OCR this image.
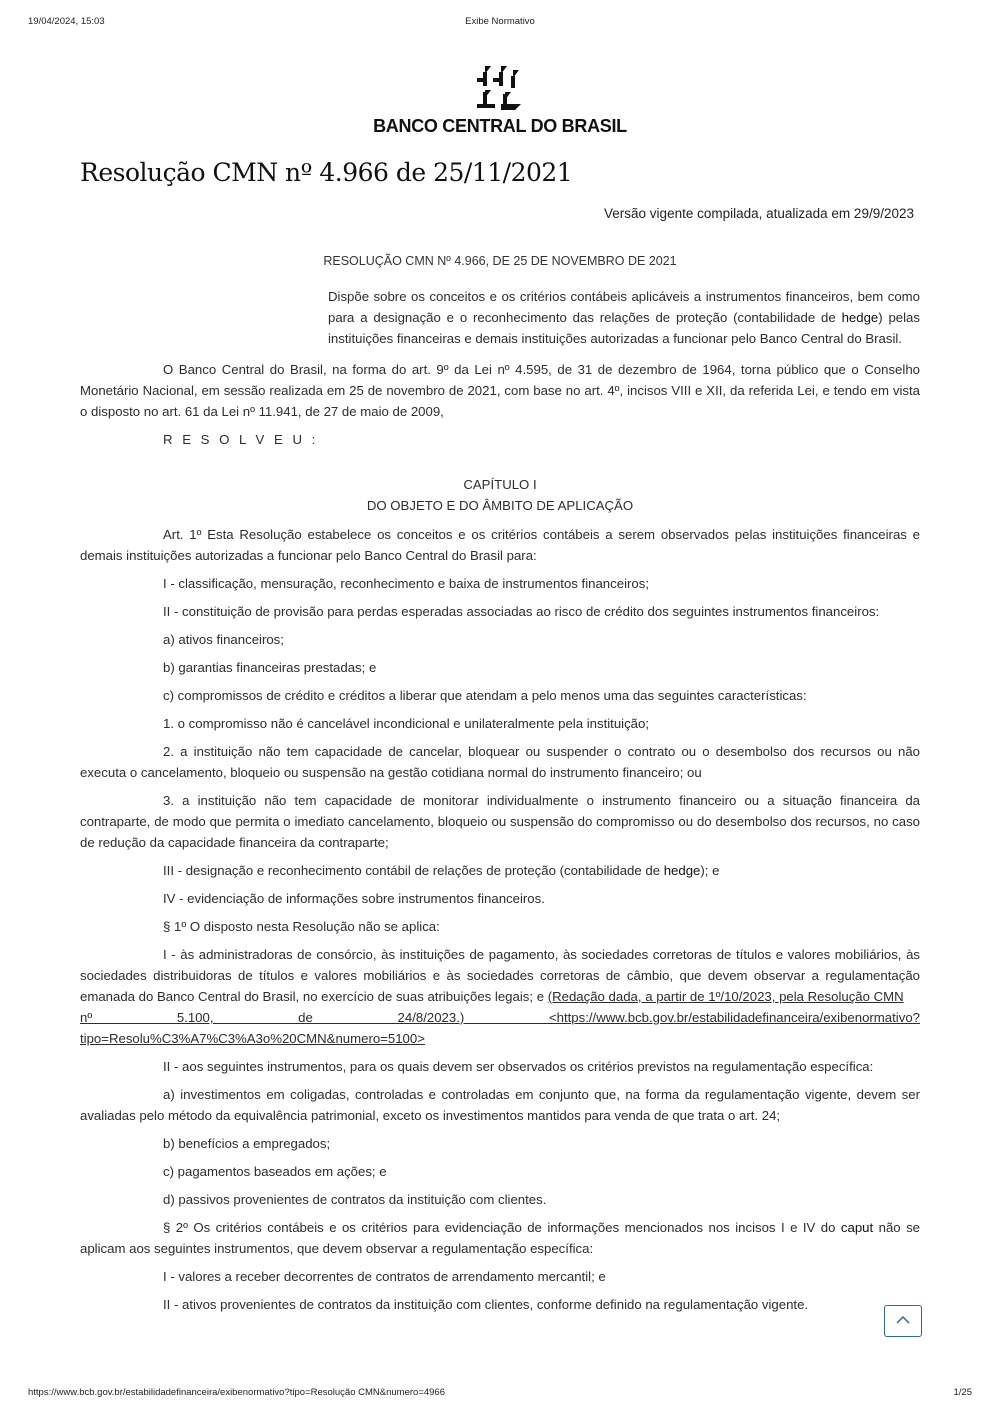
19/04/2024, 15:03	Exibe Normativo
BANCO CENTRAL DO BRASIL
Resolução CMN nº 4.966 de 25/11/2021
Versão vigente compilada, atualizada em 29/9/2023
RESOLUÇÃO CMN Nº 4.966, DE 25 DE NOVEMBRO DE 2021
Dispõe sobre os conceitos e os critérios contábeis aplicáveis a instrumentos financeiros, bem como para a designação e o reconhecimento das relações de proteção (contabilidade de hedge) pelas instituições financeiras e demais instituições autorizadas a funcionar pelo Banco Central do Brasil.

O Banco Central do Brasil, na forma do art. 9º da Lei nº 4.595, de 31 de dezembro de 1964, torna público que o Conselho Monetário Nacional, em sessão realizada em 25 de novembro de 2021, com base no art. 4º, incisos VIII e XII, da referida Lei, e tendo em vista o disposto no art. 61 da Lei nº 11.941, de 27 de maio de 2009,

R E S O L V E U :

CAPÍTULO I
DO OBJETO E DO ÂMBITO DE APLICAÇÃO

Art. 1º Esta Resolução estabelece os conceitos e os critérios contábeis a serem observados pelas instituições financeiras e demais instituições autorizadas a funcionar pelo Banco Central do Brasil para:

I - classificação, mensuração, reconhecimento e baixa de instrumentos financeiros;

II - constituição de provisão para perdas esperadas associadas ao risco de crédito dos seguintes instrumentos financeiros:

a) ativos financeiros;

b) garantias financeiras prestadas; e

c) compromissos de crédito e créditos a liberar que atendam a pelo menos uma das seguintes características:

1. o compromisso não é cancelável incondicional e unilateralmente pela instituição;

2. a instituição não tem capacidade de cancelar, bloquear ou suspender o contrato ou o desembolso dos recursos ou não executa o cancelamento, bloqueio ou suspensão na gestão cotidiana normal do instrumento financeiro; ou

3. a instituição não tem capacidade de monitorar individualmente o instrumento financeiro ou a situação financeira da contraparte, de modo que permita o imediato cancelamento, bloqueio ou suspensão do compromisso ou do desembolso dos recursos, no caso de redução da capacidade financeira da contraparte;

III - designação e reconhecimento contábil de relações de proteção (contabilidade de hedge); e

IV - evidenciação de informações sobre instrumentos financeiros.

§ 1º O disposto nesta Resolução não se aplica:

I - às administradoras de consórcio, às instituições de pagamento, às sociedades corretoras de títulos e valores mobiliários, às sociedades distribuidoras de títulos e valores mobiliários e às sociedades corretoras de câmbio, que devem observar a regulamentação emanada do Banco Central do Brasil, no exercício de suas atribuições legais; e (Redação dada, a partir de 1º/10/2023, pela Resolução CMN

nº 5.100, de 24/8/2023.) <https://www.bcb.gov.br/estabilidadefinanceira/exibenormativo?

tipo=Resolu%C3%A7%C3%A3o%20CMN&numero=5100>

II - aos seguintes instrumentos, para os quais devem ser observados os critérios previstos na regulamentação específica:

a) investimentos em coligadas, controladas e controladas em conjunto que, na forma da regulamentação vigente, devem ser avaliadas pelo método da equivalência patrimonial, exceto os investimentos mantidos para venda de que trata o art. 24;

b) benefícios a empregados;

c) pagamentos baseados em ações; e

d) passivos provenientes de contratos da instituição com clientes.

§ 2º Os critérios contábeis e os critérios para evidenciação de informações mencionados nos incisos I e IV do caput não se aplicam aos seguintes instrumentos, que devem observar a regulamentação específica:

I - valores a receber decorrentes de contratos de arrendamento mercantil; e

II - ativos provenientes de contratos da instituição com clientes, conforme definido na regulamentação vigente.

https://www.bcb.gov.br/estabilidadefinanceira/exibenormativo?tipo=Resolução CMN&numero=4966	1/25
